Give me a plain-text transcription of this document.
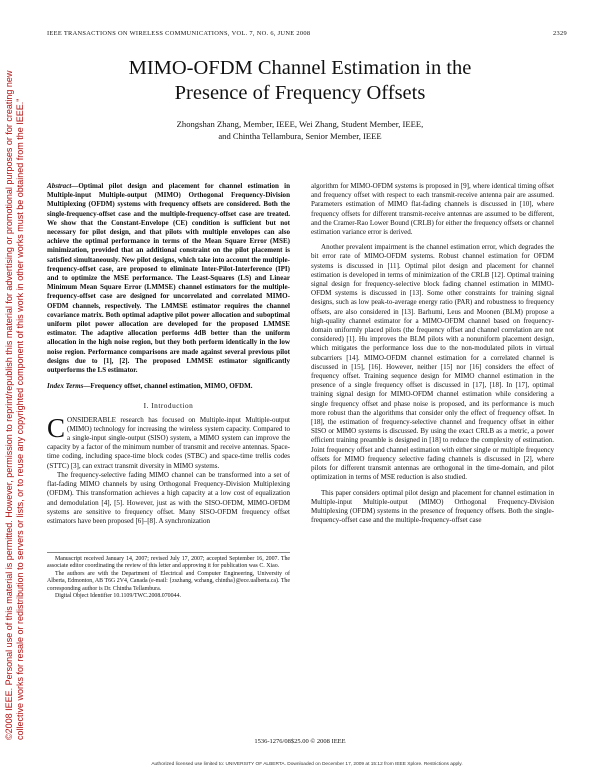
©2008 IEEE. Personal use of this material is permitted. However, permission to reprint/republish this material for advertising or promotional purposes or for creating new collective works for resale or redistribution to servers or lists, or to reuse any copyrighted component of this work in other works must be obtained from the IEEE."
IEEE TRANSACTIONS ON WIRELESS COMMUNICATIONS, VOL. 7, NO. 6, JUNE 2008	2329
MIMO-OFDM Channel Estimation in the
Presence of Frequency Offsets
Zhongshan Zhang, Member, IEEE, Wei Zhang, Student Member, IEEE,
and Chintha Tellambura, Senior Member, IEEE
Abstract—Optimal pilot design and placement for channel estimation in Multiple-input Multiple-output (MIMO) Orthogonal Frequency-Division Multiplexing (OFDM) systems with frequency offsets are considered. Both the single-frequency-offset case and the multiple-frequency-offset case are treated. We show that the Constant-Envelope (CE) condition is sufficient but not necessary for pilot design, and that pilots with multiple envelopes can also achieve the optimal performance in terms of the Mean Square Error (MSE) minimization, provided that an additional constraint on the pilot placement is satisfied simultaneously. New pilot designs, which take into account the multiple-frequency-offset case, are proposed to eliminate Inter-Pilot-Interference (IPI) and to optimize the MSE performance. The Least-Squares (LS) and Linear Minimum Mean Square Error (LMMSE) channel estimators for the multiple-frequency-offset case are designed for uncorrelated and correlated MIMO-OFDM channels, respectively. The LMMSE estimator requires the channel covariance matrix. Both optimal adaptive pilot power allocation and suboptimal uniform pilot power allocation are developed for the proposed LMMSE estimator. The adaptive allocation performs 4dB better than the uniform allocation in the high noise region, but they both perform identically in the low noise region. Performance comparisons are made against several previous pilot designs due to [1], [2]. The proposed LMMSE estimator significantly outperforms the LS estimator.
Index Terms—Frequency offset, channel estimation, MIMO, OFDM.
I. Introduction

CONSIDERABLE research has focused on Multiple-input Multiple-output (MIMO) technology for increasing the wireless system capacity. Compared to a single-input single-output (SISO) system, a MIMO system can improve the capacity by a factor of the minimum number of transmit and receive antennas. Space-time coding, including space-time block codes (STBC) and space-time trellis codes (STTC) [3], can extract transmit diversity in MIMO systems.

The frequency-selective fading MIMO channel can be transformed into a set of flat-fading MIMO channels by using Orthogonal Frequency-Division Multiplexing (OFDM). This transformation achieves a high capacity at a low cost of equalization and demodulation [4], [5]. However, just as with the SISO-OFDM, MIMO-OFDM systems are sensitive to frequency offset. Many SISO-OFDM frequency offset estimators have been proposed [6]–[8]. A synchronization

Manuscript received January 14, 2007; revised July 17, 2007; accepted September 16, 2007. The associate editor coordinating the review of this letter and approving it for publication was C. Xiao.

The authors are with the Department of Electrical and Computer Engineering, University of Alberta, Edmonton, AB T6G 2V4, Canada (e-mail: {zszhang, wzhang, chintha}@ece.ualberta.ca). The corresponding author is Dr. Chintha Tellambura.

Digital Object Identifier 10.1109/TWC.2008.070044.

algorithm for MIMO-OFDM systems is proposed in [9], where identical timing offset and frequency offset with respect to each transmit-receive antenna pair are assumed. Parameters estimation of MIMO flat-fading channels is discussed in [10], where frequency offsets for different transmit-receive antennas are assumed to be different, and the Cramer-Rao Lower Bound (CRLB) for either the frequency offsets or channel estimation variance error is derived.

Another prevalent impairment is the channel estimation error, which degrades the bit error rate of MIMO-OFDM systems. Robust channel estimation for OFDM systems is discussed in [11]. Optimal pilot design and placement for channel estimation is developed in terms of minimization of the CRLB [12]. Optimal training signal design for frequency-selective block fading channel estimation in MIMO-OFDM systems is discussed in [13]. Some other constraints for training signal designs, such as low peak-to-average energy ratio (PAR) and robustness to frequency offsets, are also considered in [13]. Barhumi, Leus and Moonen (BLM) propose a high-quality channel estimator for a MIMO-OFDM channel based on frequency-domain uniformly placed pilots (the frequency offset and channel correlation are not considered) [1]. Hu improves the BLM pilots with a nonuniform placement design, which mitigates the performance loss due to the non-modulated pilots in virtual subcarriers [14]. MIMO-OFDM channel estimation for a correlated channel is discussed in [15], [16]. However, neither [15] nor [16] considers the effect of frequency offset. Training sequence design for MIMO channel estimation in the presence of a single frequency offset is discussed in [17], [18]. In [17], optimal training signal design for MIMO-OFDM channel estimation while considering a single frequency offset and phase noise is proposed, and its performance is much more robust than the algorithms that consider only the effect of frequency offset. In [18], the estimation of frequency-selective channel and frequency offset in either SISO or MIMO systems is discussed. By using the exact CRLB as a metric, a power efficient training preamble is designed in [18] to reduce the complexity of estimation. Joint frequency offset and channel estimation with either single or multiple frequency offsets for MIMO frequency selective fading channels is discussed in [2], where pilots for different transmit antennas are orthogonal in the time-domain, and pilot optimization in terms of MSE reduction is also studied.

This paper considers optimal pilot design and placement for channel estimation in Multiple-input Multiple-output (MIMO) Orthogonal Frequency-Division Multiplexing (OFDM) systems in the presence of frequency offsets. Both the single-frequency-offset case and the multiple-frequency-offset case

1536-1276/08$25.00 © 2008 IEEE
Authorized licensed use limited to: UNIVERSITY OF ALBERTA. Downloaded on December 17, 2009 at 15:12 from IEEE Xplore. Restrictions apply.
